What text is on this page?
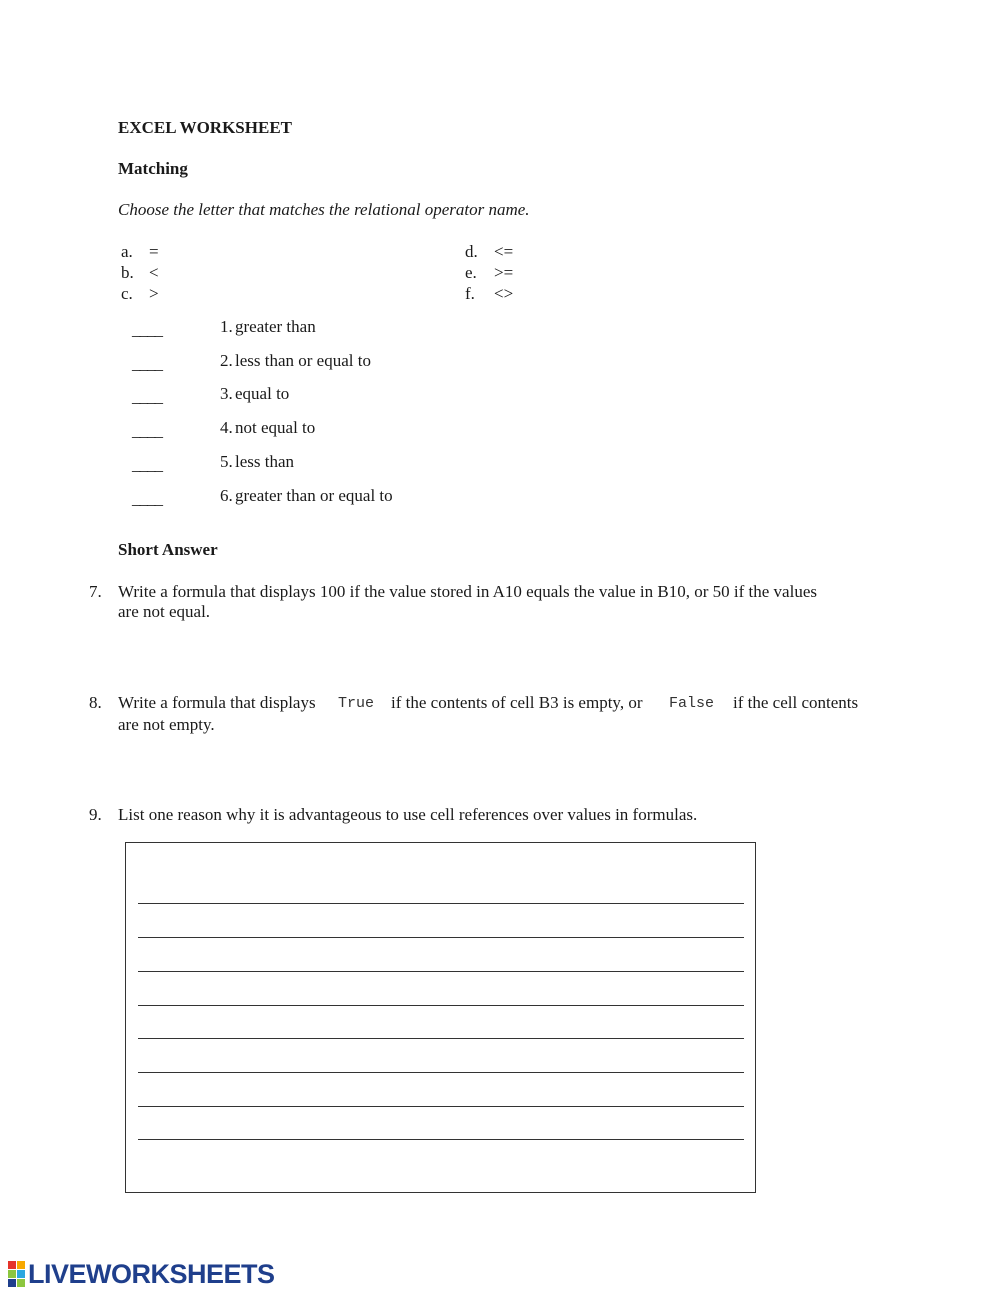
EXCEL WORKSHEET
Matching
Choose the letter that matches the relational operator name.
a. =
b. <
c. >
d. <=
e. >=
f. <>
____	1. greater than
____	2. less than or equal to
____	3. equal to
____	4. not equal to
____	5. less than
____	6. greater than or equal to
Short Answer
7. Write a formula that displays 100 if the value stored in A10 equals the value in B10, or 50 if the values
are not equal.
8. Write a formula that displays True if the contents of cell B3 is empty, or False if the cell contents
are not empty.
9. List one reason why it is advantageous to use cell references over values in formulas.
LIVEWORKSHEETS
